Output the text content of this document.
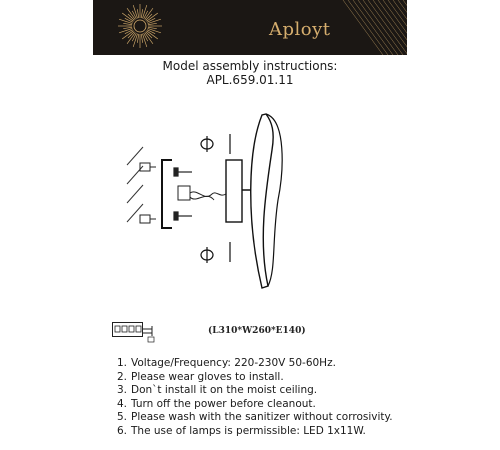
Aployt
Model assembly instructions:
APL.659.01.11
(L310*W260*E140)
1. Voltage/Frequency: 220-230V 50-60Hz.
2. Please wear gloves to install.
3. Don`t install it on the moist ceiling.
4. Turn off the power before cleanout.
5. Please wash with the sanitizer without corrosivity.
6. The use of lamps is permissible: LED 1x11W.
